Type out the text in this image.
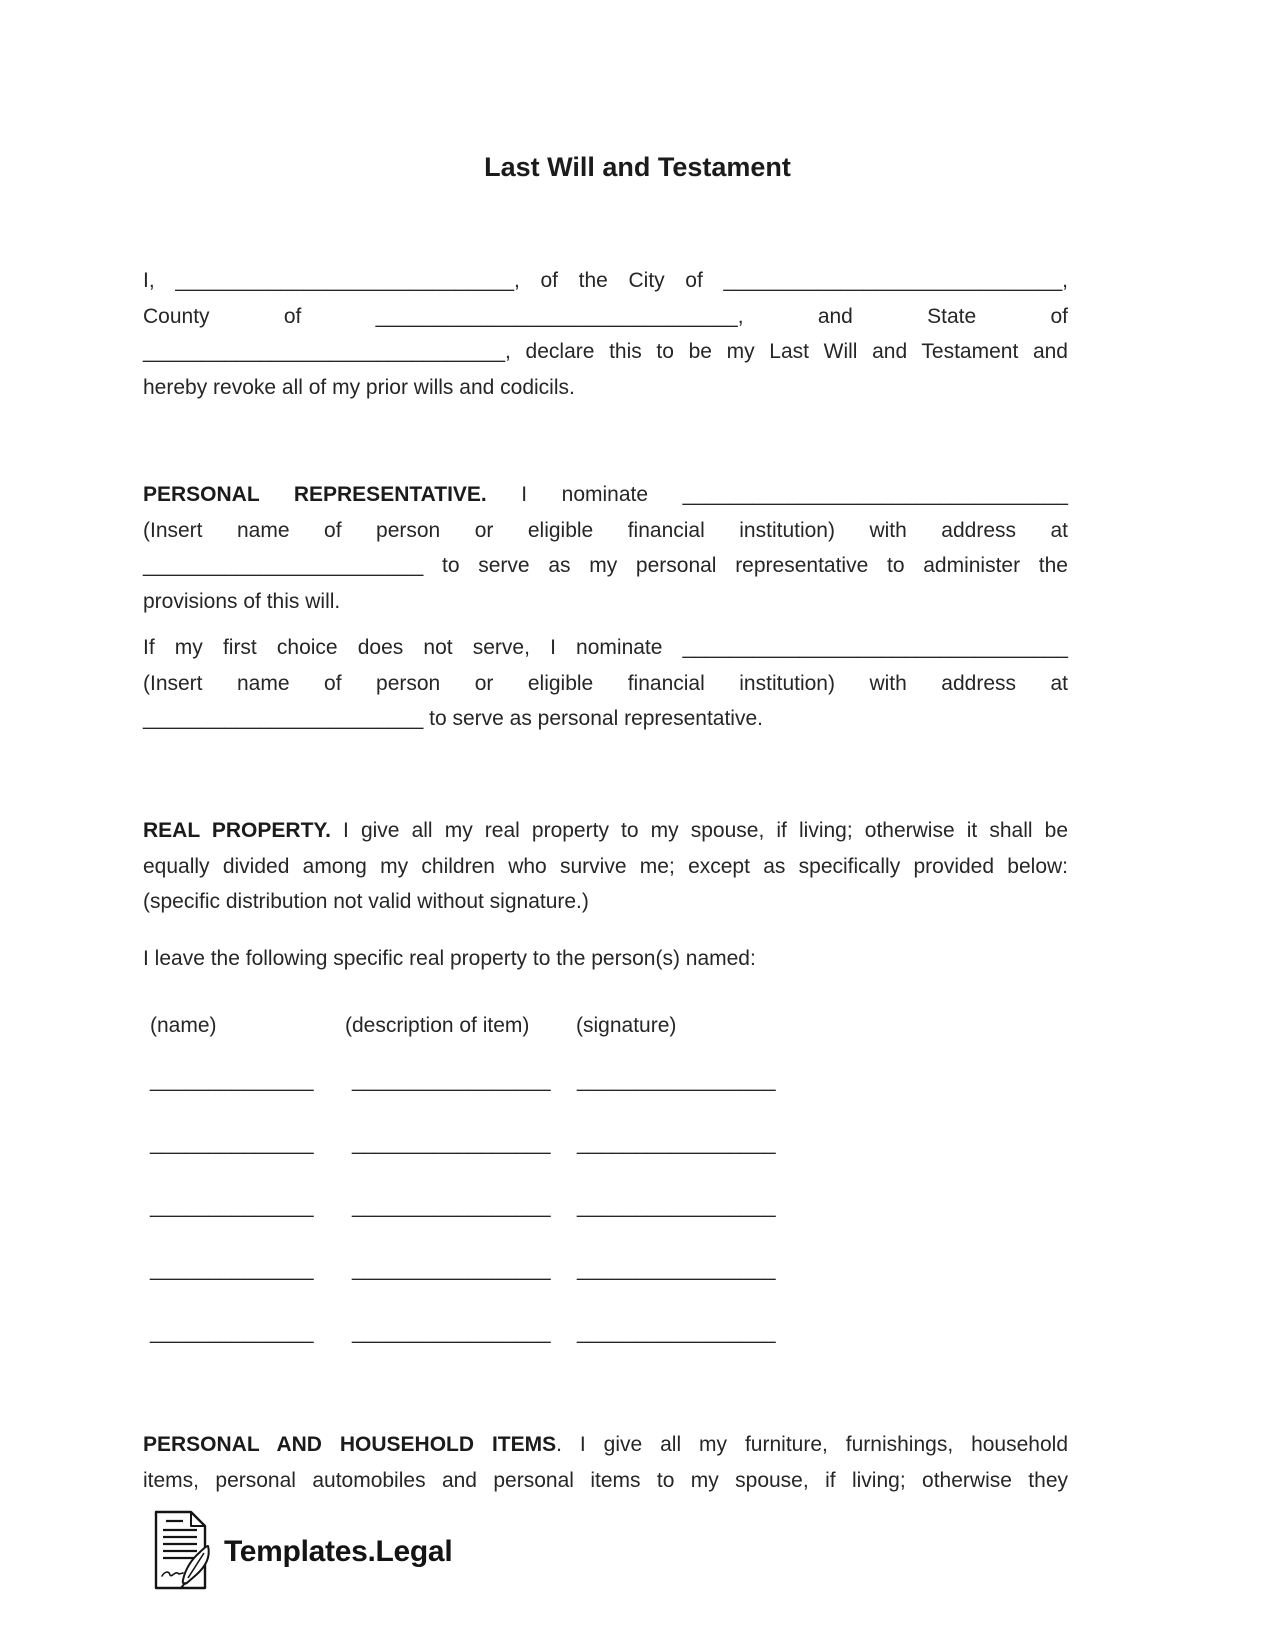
Last Will and Testament
I, _____________________________, of the City of _____________________________,
County of _______________________________, and State of
_______________________________, declare this to be my Last Will and Testament and
hereby revoke all of my prior wills and codicils.
PERSONAL REPRESENTATIVE. I nominate _________________________________
(Insert name of person or eligible financial institution) with address at
________________________ to serve as my personal representative to administer the
provisions of this will.
If my first choice does not serve, I nominate _________________________________
(Insert name of person or eligible financial institution) with address at
________________________ to serve as personal representative.
REAL PROPERTY. I give all my real property to my spouse, if living; otherwise it shall be
equally divided among my children who survive me; except as specifically provided below:
(specific distribution not valid without signature.)
I leave the following specific real property to the person(s) named:
(name)	(description of item) (signature)
______________ _________________ _________________
______________ _________________ _________________
______________ _________________ _________________
______________ _________________ _________________
______________ _________________ _________________
PERSONAL AND HOUSEHOLD ITEMS. I give all my furniture, furnishings, household
items, personal automobiles and personal items to my spouse, if living; otherwise they
Templates.Legal
